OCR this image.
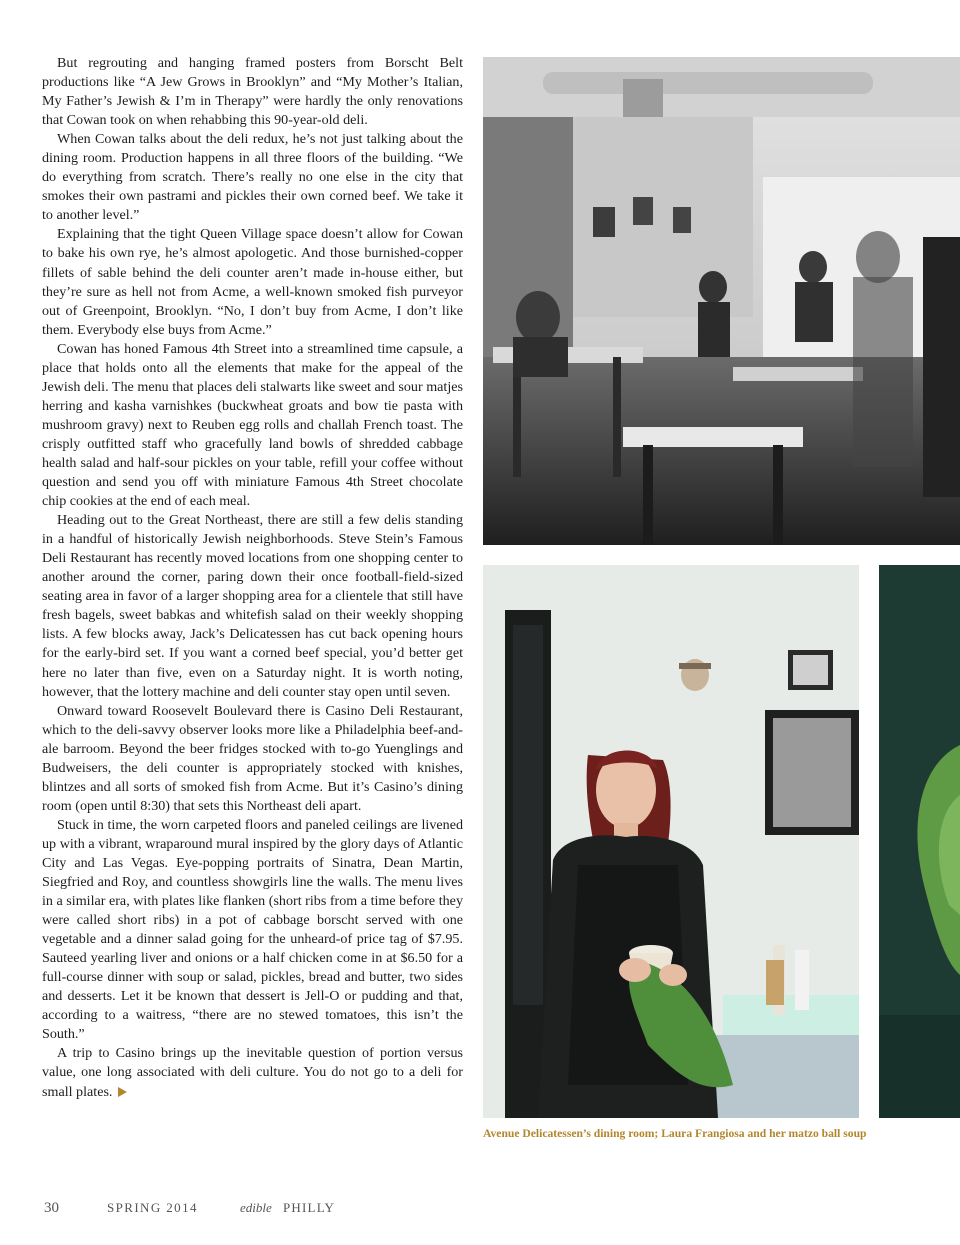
But regrouting and hanging framed posters from Borscht Belt productions like “A Jew Grows in Brooklyn” and “My Mother’s Italian, My Father’s Jewish & I’m in Therapy” were hardly the only renovations that Cowan took on when rehabbing this 90-year-old deli.

When Cowan talks about the deli redux, he’s not just talking about the dining room. Production happens in all three floors of the building. “We do everything from scratch. There’s really no one else in the city that smokes their own pastrami and pickles their own corned beef. We take it to another level.”

Explaining that the tight Queen Village space doesn’t allow for Cowan to bake his own rye, he’s almost apologetic. And those burnished-copper fillets of sable behind the deli counter aren’t made in-house either, but they’re sure as hell not from Acme, a well-known smoked fish purveyor out of Greenpoint, Brooklyn. “No, I don’t buy from Acme, I don’t like them. Everybody else buys from Acme.”

Cowan has honed Famous 4th Street into a streamlined time capsule, a place that holds onto all the elements that make for the appeal of the Jewish deli. The menu that places deli stalwarts like sweet and sour matjes herring and kasha varnishkes (buckwheat groats and bow tie pasta with mushroom gravy) next to Reuben egg rolls and challah French toast. The crisply outfitted staff who gracefully land bowls of shredded cabbage health salad and half-sour pickles on your table, refill your coffee without question and send you off with miniature Famous 4th Street chocolate chip cookies at the end of each meal.

Heading out to the Great Northeast, there are still a few delis standing in a handful of historically Jewish neighborhoods. Steve Stein’s Famous Deli Restaurant has recently moved locations from one shopping center to another around the corner, paring down their once football-field-sized seating area in favor of a larger shopping area for a clientele that still have fresh bagels, sweet babkas and whitefish salad on their weekly shopping lists. A few blocks away, Jack’s Delicatessen has cut back opening hours for the early-bird set. If you want a corned beef special, you’d better get here no later than five, even on a Saturday night. It is worth noting, however, that the lottery machine and deli counter stay open until seven.

Onward toward Roosevelt Boulevard there is Casino Deli Restaurant, which to the deli-savvy observer looks more like a Philadelphia beef-and-ale barroom. Beyond the beer fridges stocked with to-go Yuenglings and Budweisers, the deli counter is appropriately stocked with knishes, blintzes and all sorts of smoked fish from Acme. But it’s Casino’s dining room (open until 8:30) that sets this Northeast deli apart.

Stuck in time, the worn carpeted floors and paneled ceilings are livened up with a vibrant, wraparound mural inspired by the glory days of Atlantic City and Las Vegas. Eye-popping portraits of Sinatra, Dean Martin, Siegfried and Roy, and countless showgirls line the walls. The menu lives in a similar era, with plates like flanken (short ribs from a time before they were called short ribs) in a pot of cabbage borscht served with one vegetable and a dinner salad going for the unheard-of price tag of $7.95. Sauteed yearling liver and onions or a half chicken come in at $6.50 for a full-course dinner with soup or salad, pickles, bread and butter, two sides and desserts. Let it be known that dessert is Jell-O or pudding and that, according to a waitress, “there are no stewed tomatoes, this isn’t the South.”

A trip to Casino brings up the inevitable question of portion versus value, one long associated with deli culture. You do not go to a deli for small plates.

Avenue Delicatessen’s dining room; Laura Frangiosa and her matzo ball soup
30	SPRING 2014	edible PHILLY
